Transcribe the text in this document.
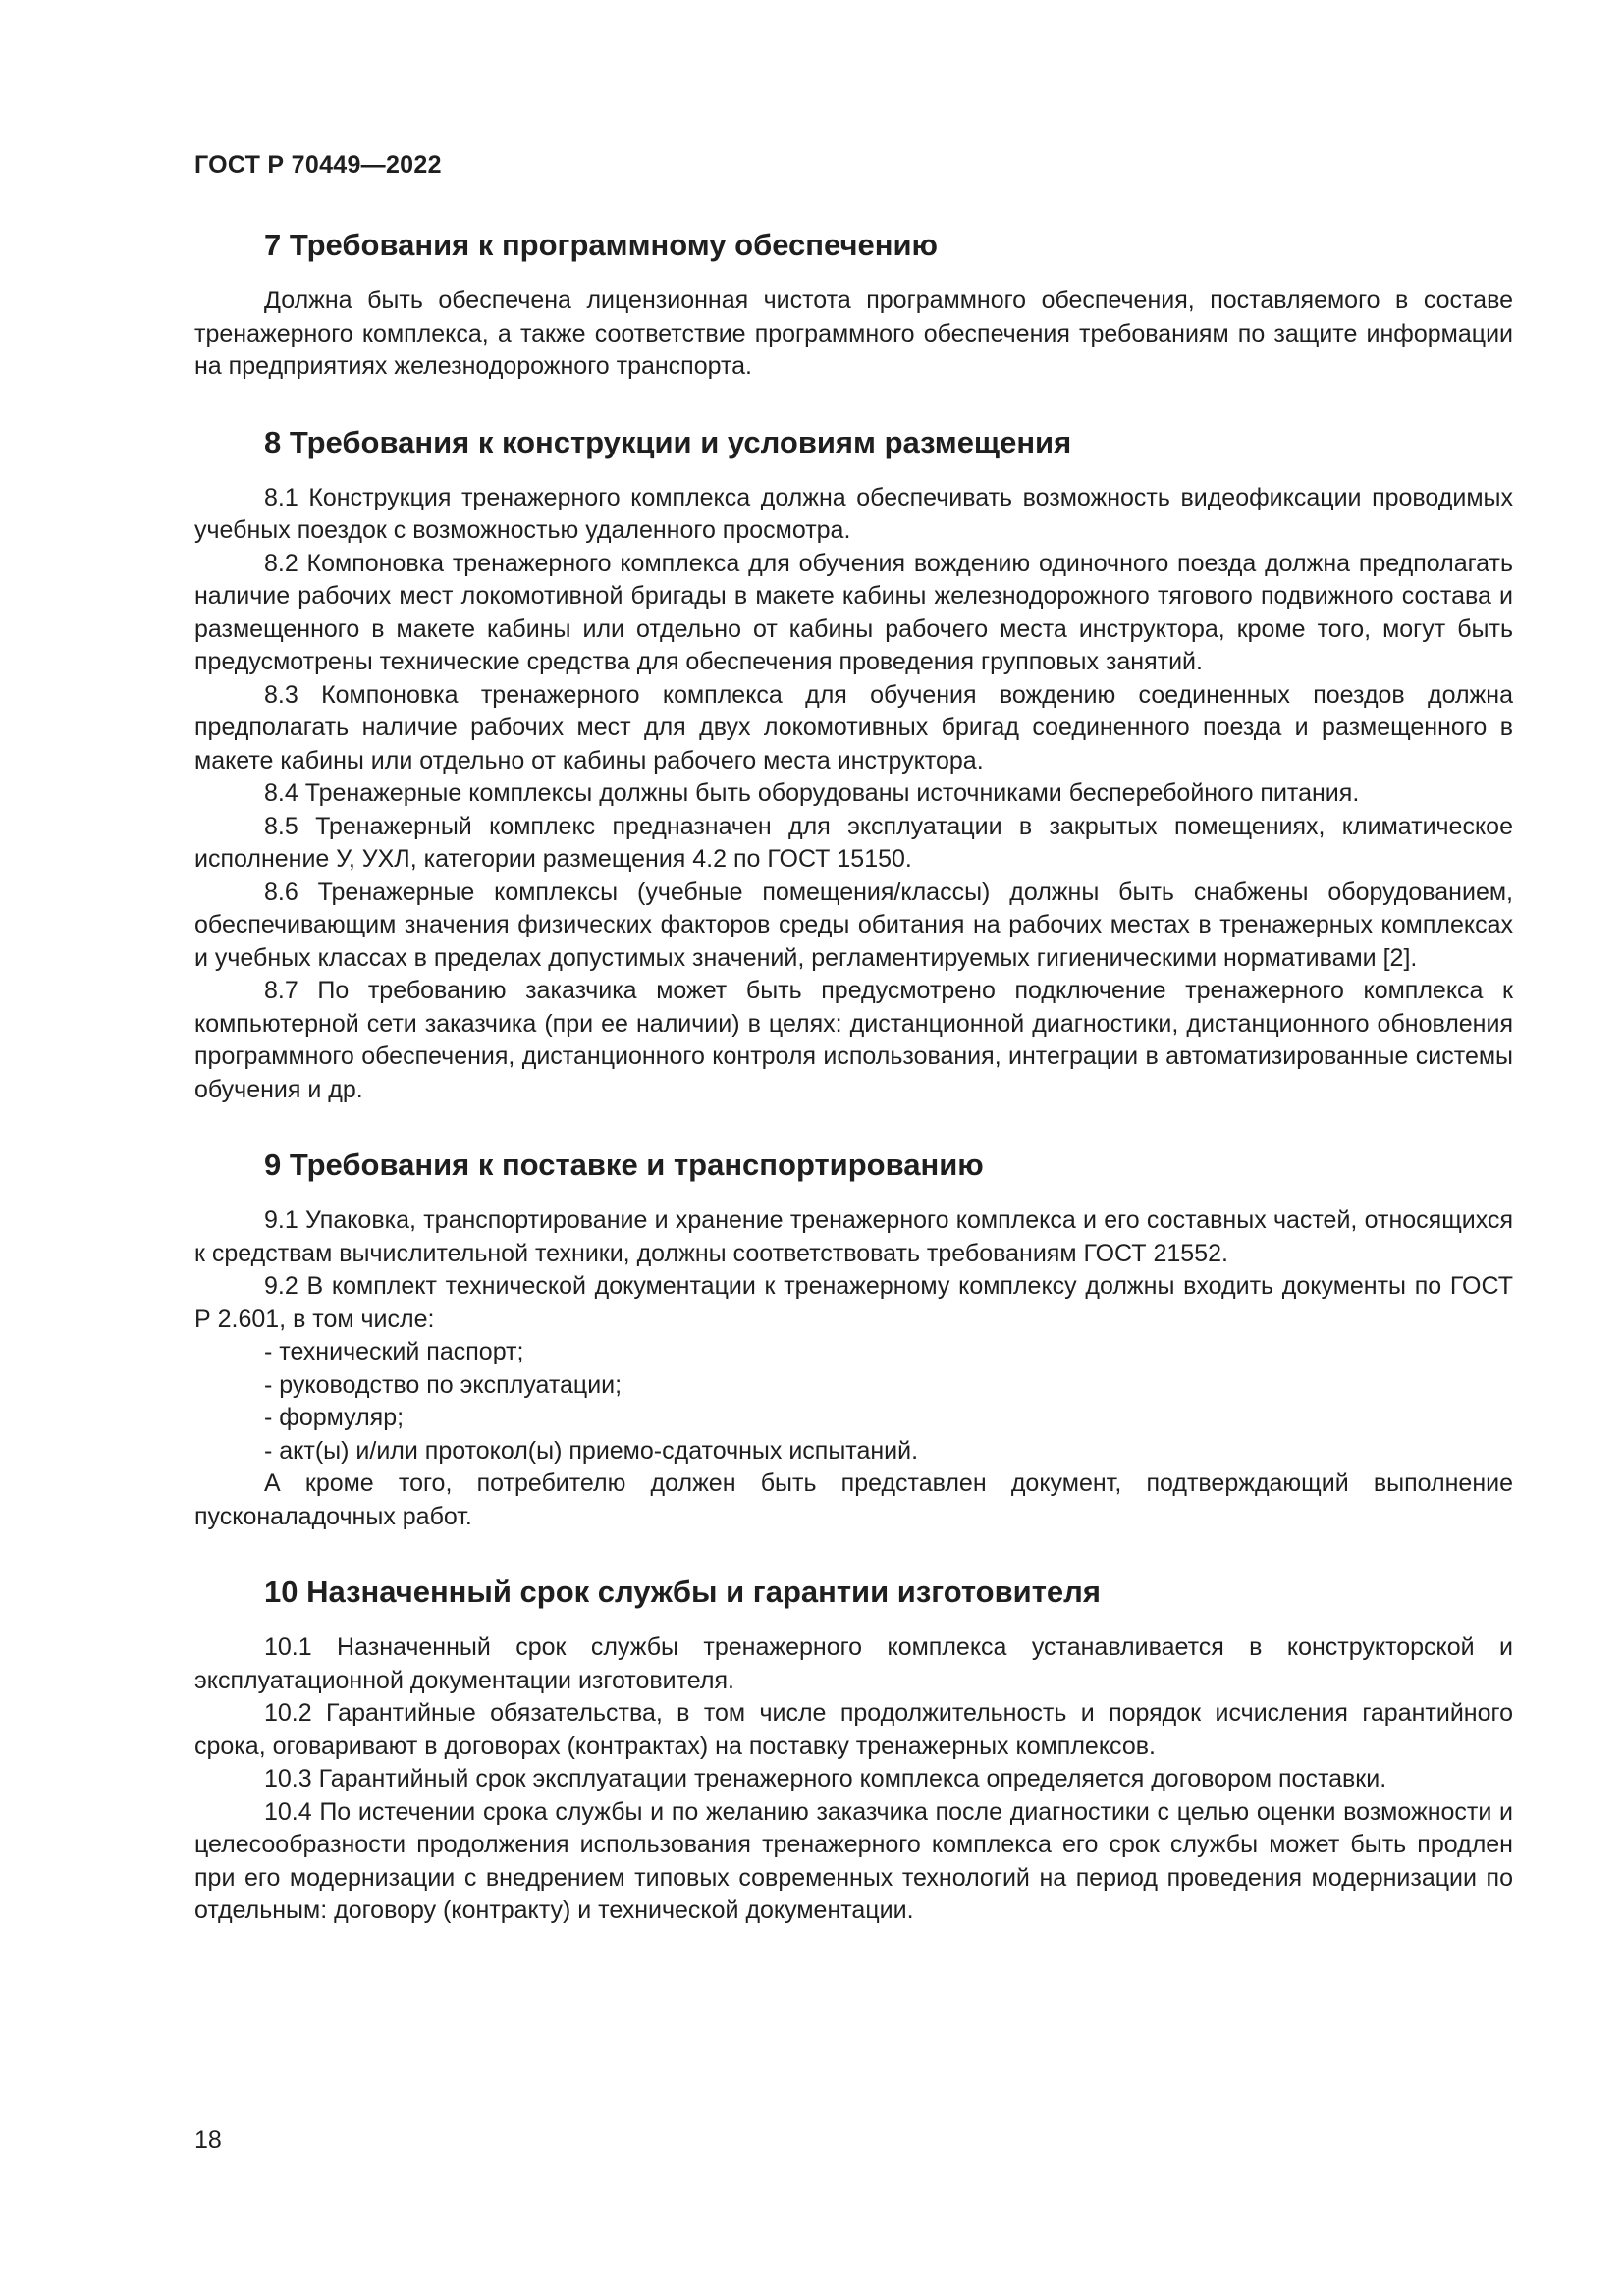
ГОСТ Р 70449—2022
7 Требования к программному обеспечению

Должна быть обеспечена лицензионная чистота программного обеспечения, поставляемого в составе тренажерного комплекса, а также соответствие программного обеспечения требованиям по защите информации на предприятиях железнодорожного транспорта.

8 Требования к конструкции и условиям размещения

8.1 Конструкция тренажерного комплекса должна обеспечивать возможность видеофиксации проводимых учебных поездок с возможностью удаленного просмотра.

8.2 Компоновка тренажерного комплекса для обучения вождению одиночного поезда должна предполагать наличие рабочих мест локомотивной бригады в макете кабины железнодорожного тягового подвижного состава и размещенного в макете кабины или отдельно от кабины рабочего места инструктора, кроме того, могут быть предусмотрены технические средства для обеспечения проведения групповых занятий.

8.3 Компоновка тренажерного комплекса для обучения вождению соединенных поездов должна предполагать наличие рабочих мест для двух локомотивных бригад соединенного поезда и размещенного в макете кабины или отдельно от кабины рабочего места инструктора.

8.4 Тренажерные комплексы должны быть оборудованы источниками бесперебойного питания.

8.5 Тренажерный комплекс предназначен для эксплуатации в закрытых помещениях, климатическое исполнение У, УХЛ, категории размещения 4.2 по ГОСТ 15150.

8.6 Тренажерные комплексы (учебные помещения/классы) должны быть снабжены оборудованием, обеспечивающим значения физических факторов среды обитания на рабочих местах в тренажерных комплексах и учебных классах в пределах допустимых значений, регламентируемых гигиеническими нормативами [2].

8.7 По требованию заказчика может быть предусмотрено подключение тренажерного комплекса к компьютерной сети заказчика (при ее наличии) в целях: дистанционной диагностики, дистанционного обновления программного обеспечения, дистанционного контроля использования, интеграции в автоматизированные системы обучения и др.

9 Требования к поставке и транспортированию

9.1 Упаковка, транспортирование и хранение тренажерного комплекса и его составных частей, относящихся к средствам вычислительной техники, должны соответствовать требованиям ГОСТ 21552.

9.2 В комплект технической документации к тренажерному комплексу должны входить документы по ГОСТ Р 2.601, в том числе:

- технический паспорт;

- руководство по эксплуатации;

- формуляр;

- акт(ы) и/или протокол(ы) приемо-сдаточных испытаний.

А кроме того, потребителю должен быть представлен документ, подтверждающий выполнение пусконаладочных работ.

10 Назначенный срок службы и гарантии изготовителя

10.1 Назначенный срок службы тренажерного комплекса устанавливается в конструкторской и эксплуатационной документации изготовителя.

10.2 Гарантийные обязательства, в том числе продолжительность и порядок исчисления гарантийного срока, оговаривают в договорах (контрактах) на поставку тренажерных комплексов.

10.3 Гарантийный срок эксплуатации тренажерного комплекса определяется договором поставки.

10.4 По истечении срока службы и по желанию заказчика после диагностики с целью оценки возможности и целесообразности продолжения использования тренажерного комплекса его срок службы может быть продлен при его модернизации с внедрением типовых современных технологий на период проведения модернизации по отдельным: договору (контракту) и технической документации.

18
